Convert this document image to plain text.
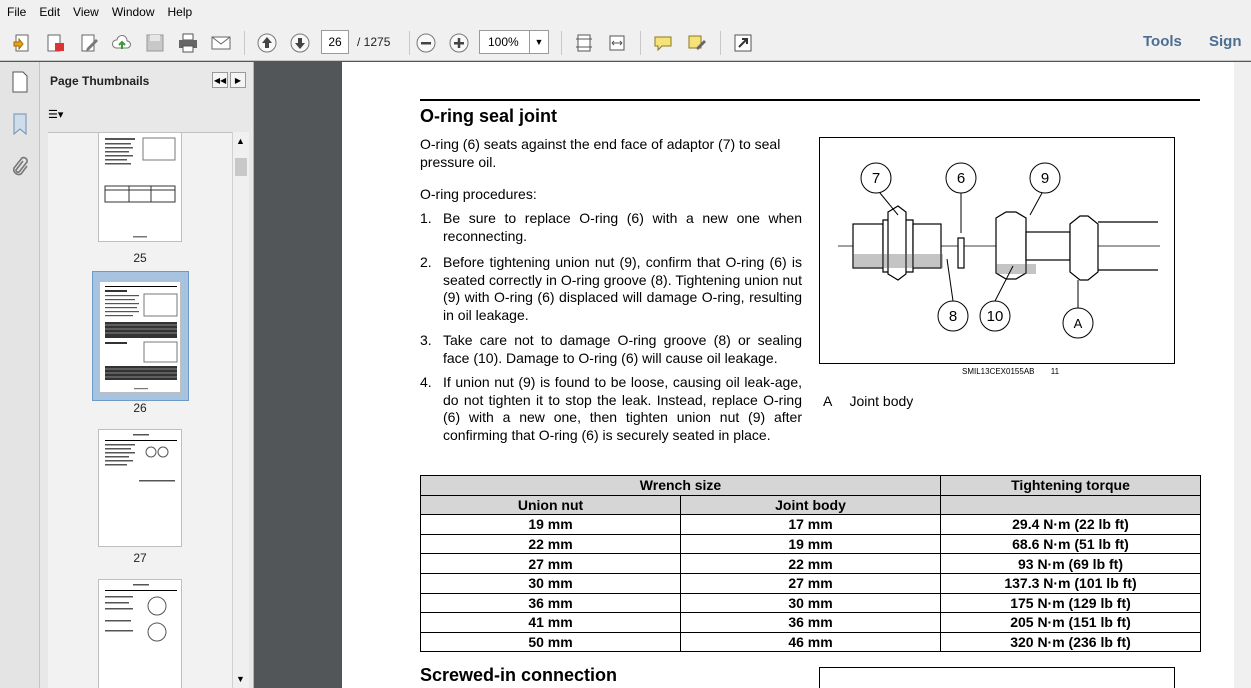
File	Edit	View	Window	Help
26	/ 1275	100%	▼	Tools Sign
Page Thumbnails	◀◀	▶
☰▾
25
26
27
▲
▼
O-ring seal joint
O-ring (6) seats against the end face of adaptor (7) to seal pressure oil.
O-ring procedures:
1. Be sure to replace O-ring (6) with a new one when reconnecting.
2. Before tightening union nut (9), confirm that O-ring (6) is seated correctly in O-ring groove (8). Tightening union nut (9) with O-ring (6) displaced will damage O-ring, resulting in oil leakage.
3. Take care not to damage O-ring groove (8) or sealing face (10). Damage to O-ring (6) will cause oil leakage.
4. If union nut (9) is found to be loose, causing oil leak-age, do not tighten it to stop the leak. Instead, replace O-ring (6) with a new one, then tighten union nut (9) after confirming that O-ring (6) is securely seated in place.
7	6	9
8 10	A
SMIL13CEX0155AB 11
A Joint body
Wrench size		Tightening torque
Union nut	Joint body	
19 mm	17 mm	29.4 N·m (22 lb ft)
22 mm	19 mm	68.6 N·m (51 lb ft)
27 mm	22 mm	93 N·m (69 lb ft)
30 mm	27 mm	137.3 N·m (101 lb ft)
36 mm	30 mm	175 N·m (129 lb ft)
41 mm	36 mm	205 N·m (151 lb ft)
50 mm	46 mm	320 N·m (236 lb ft)
Screwed-in connection
